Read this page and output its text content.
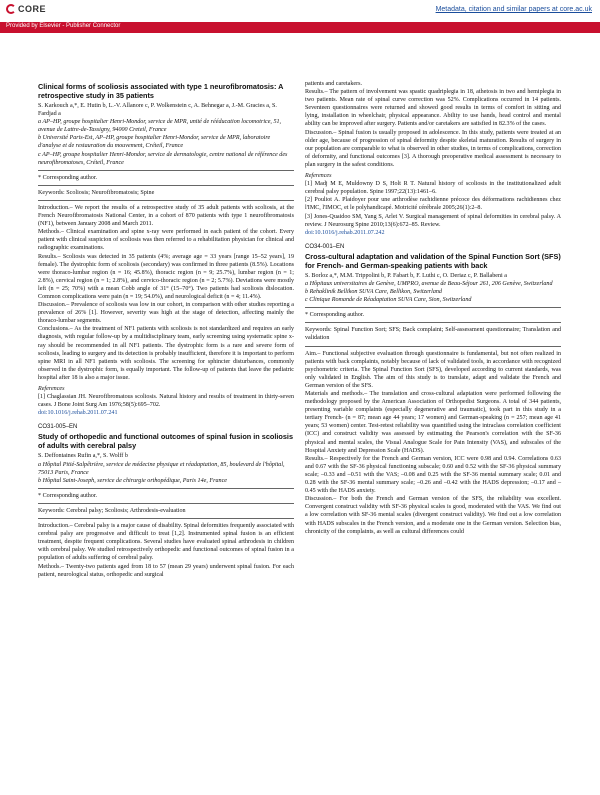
CORE	Metadata, citation and similar papers at core.ac.uk
Provided by Elsevier - Publisher Connector

Clinical forms of scoliosis associated with type 1 neurofibromatosis: A retrospective study in 35 patients

S. Karkouch a,*, E. Hutin b, L.-V. Allanore c, P. Wolkenstein c, A. Behnegar a, J.-M. Gracies a, S. Fardjad a

a AP–HP, groupe hospitalier Henri-Mondor, service de MPR, unité de rééducation locomotrice, 51, avenue de Lattre-de-Tassigny, 94000 Creteil, France

b Université Paris-Est, AP–HP, groupe hospitalier Henri-Mondor, service de MPR, laboratoire d'analyse et de restauration du mouvement, Créteil, France

c AP–HP, groupe hospitalier Henri-Mondor, service de dermatologie, centre national de référence des neurofibromatoses, Créteil, France

* Corresponding author.

Keywords: Scoliosis; Neurofibromatosis; Spine

Introduction.– We report the results of a retrospective study of 35 adult patients with scoliosis, at the French Neurofibromatosis National Center, in a cohort of 870 patients with type 1 neurofibromatosis (NF1), between January 2008 and March 2011.

Methods.– Clinical examination and spine x-ray were performed in each patient of the cohort. Every patient with clinical suspicion of scoliosis was then referred to a rehabilitation physician for clinical and radiographic examinations.

Results.– Scoliosis was detected in 35 patients (4%; average age = 33 years [range 15–52 years], 19 female). The dystrophic form of scoliosis (secondary) was confirmed in three patients (8.5%). Locations were thoraco-lumbar region (n = 16; 45.8%), thoracic region (n = 9; 25.7%), lumbar region (n = 1; 2.8%), cervical region (n = 1; 2.8%), and cervico-thoracic region (n = 2; 5.7%). Deviations were mostly left (n = 25; 70%) with a mean Cobb angle of 31° (15–70°). Two patients had scoliosis dislocation. Common complications were pain (n = 19; 54.0%), and neurological deficit (n = 4; 11.4%).

Discussion.– Prevalence of scoliosis was low in our cohort, in comparison with other studies reporting a prevalence of 26% [1]. However, severity was high at the stage of detection, affecting mainly the thoraco-lumbar segments.

Conclusions.– As the treatment of NF1 patients with scoliosis is not standardized and requires an early diagnosis, with regular follow-up by a multidisciplinary team, early screening using systematic spine x-ray should be recommended in all NF1 patients. The dystrophic form is a rare and severe form of scoliosis, leading to surgery and its detection is probably insufficient, therefore it is important to perform spine MRI in all NF1 patients with scoliosis. The screening for sphincter disturbances, commonly observed in the dystrophic form, is equally important. The follow-up of patients that leave the pediatric hospital after 18 is also a major issue.

References

[1] Chaglassian JH. Neurofibromatous scoliosis. Natural history and results of treatment in thirty-seven cases. J Bone Joint Surg Am 1976;58(5):695–702.

doi:10.1016/j.rehab.2011.07.241

CO31-005–EN

Study of orthopedic and functional outcomes of spinal fusion in scoliosis of adults with cerebral palsy

S. Deffontaines Rufin a,*, S. Wolff b

a Hôpital Pitié-Salpêtrière, service de médecine physique et réadaptation, 85, boulevard de l'hôpital, 75013 Paris, France

b Hôpital Saint-Joseph, service de chirurgie orthopédique, Paris 14e, France

* Corresponding author.

Keywords: Cerebral palsy; Scoliosis; Arthrodesis-evaluation

Introduction.– Cerebral palsy is a major cause of disability. Spinal deformities frequently associated with cerebral palsy are progressive and difficult to treat [1,2]. Instrumented spinal fusion is an efficient treatment, despite frequent complications. Several studies have evaluated spinal arthrodesis in children with cerebral palsy. We studied retrospectively orthopedic and functional outcomes of spinal fusion in a population of adults suffering of cerebral palsy.

Methods.– Twenty-two patients aged from 18 to 57 (mean 29 years) underwent spinal fusion. For each patient, neurological status, orthopedic and surgical

patients and caretakers.

Results.– The pattern of involvement was spastic quadriplegia in 18, athetosis in two and hemiplegia in two patients. Mean rate of spinal curve correction was 52%. Complications occurred in 14 patients. Seventeen questionnaires were returned and showed good results in terms of comfort in sitting and lying, installation in wheelchair, physical appearance. Ability to use hands, head control and mental ability can be improved after surgery. Patients and/or caretakers are satisfied in 82.3% of the cases.

Discussion.– Spinal fusion is usually proposed in adolescence. In this study, patients were treated at an older age, because of progression of spinal deformity despite skeletal maturation. Results of surgery in our population are comparable to what is observed in other studies, in terms of complications, correction of deformity, and functional outcomes [3]. A thorough preoperative medical assessment is necessary to plan surgery in the safest conditions.

References

[1] Madj M E, Muldowny D S, Holt R T. Natural history of scoliosis in the institutionalized adult cerebral palsy population. Spine 1997;22(13):1461–6.

[2] Pouliot A. Plaidoyer pour une arthrodèse rachidienne précoce des déformations rachidiennes chez l'IMC, l'IMOC, et le polyhandicapé. Motricité cérébrale 2005;26(1):2–8.

[3] Jones-Quaidoo SM, Yang S, Arlet V. Surgical management of spinal deformities in cerebral palsy. A review. J Neurosurg Spine 2010;13(6):672–85. Review.

doi:10.1016/j.rehab.2011.07.242

CO34-001–EN

Cross-cultural adaptation and validation of the Spinal Function Sort (SFS) for French- and German-speaking patients with back

S. Borloz a,*, M.M. Trippolini b, P. Fabart b, F. Luthi c, O. Deriaz c, P. Ballabeni a

a Hôpitaux universitaires de Genève, UMPRO, avenue de Beau-Séjour 261, 206 Genève, Switzerland

b Rehaklinik Bellikon SUVA Care, Bellikon, Switzerland

c Clinique Romande de Réadaptation SUVA Care, Sion, Switzerland

* Corresponding author.

Keywords: Spinal Function Sort; SFS; Back complaint; Self-assessment questionnaire; Translation and validation

Aim.– Functional subjective evaluation through questionnaire is fundamental, but not often realized in patients with back complaints, notably because of lack of validated tools, in accordance with recognized psychometric criteria. The Spinal Function Sort (SFS), developed according to current standards, was only validated in English. The aim of this study is to translate, adapt and validate the French and German version of the SFS.

Materials and methods.– The translation and cross-cultural adaptation were performed following the methodology proposed by the American Association of Orthopedist Surgeons. A total of 344 patients, presenting variable complaints (especially degenerative and traumatic), took part in this study in a tertiary French- (n = 87; mean age 44 years; 17 women) and German-speaking (n = 257; mean age 41 years; 53 women) center. Test-retest reliability was quantified using the intraclass correlation coefficient (ICC) and construct validity was assessed by estimating the Pearson's correlation with the SF-36 physical and mental scales, the Visual Analogue Scale for Pain Intensity (VAS), and subscales of the Hospital Anxiety and Depression Scale (HADS).

Results.– Respectively for the French and German version, ICC were 0.98 and 0.94. Correlations 0.63 and 0.67 with the SF-36 physical functioning subscale; 0.60 and 0.52 with the SF-36 physical summary scale; –0.33 and –0.51 with the VAS; –0.08 and 0.25 with the SF-36 mental summary scale; 0.01 and 0.28 with the SF-36 mental summary scale; –0.26 and –0.42 with the HADS depression; –0.17 and –0.45 with the HADS anxiety.

Discussion.– For both the French and German version of the SFS, the reliability was excellent. Convergent construct validity with SF-36 physical scales is good, moderated with the VAS. We find out a low correlation with SF-36 mental scales (divergent construct validity). We find out a low correlation with HADS subscales in the French version, and a moderate one in the German version. Selection bias, chronicity of the complaints, as well as cultural differences could
